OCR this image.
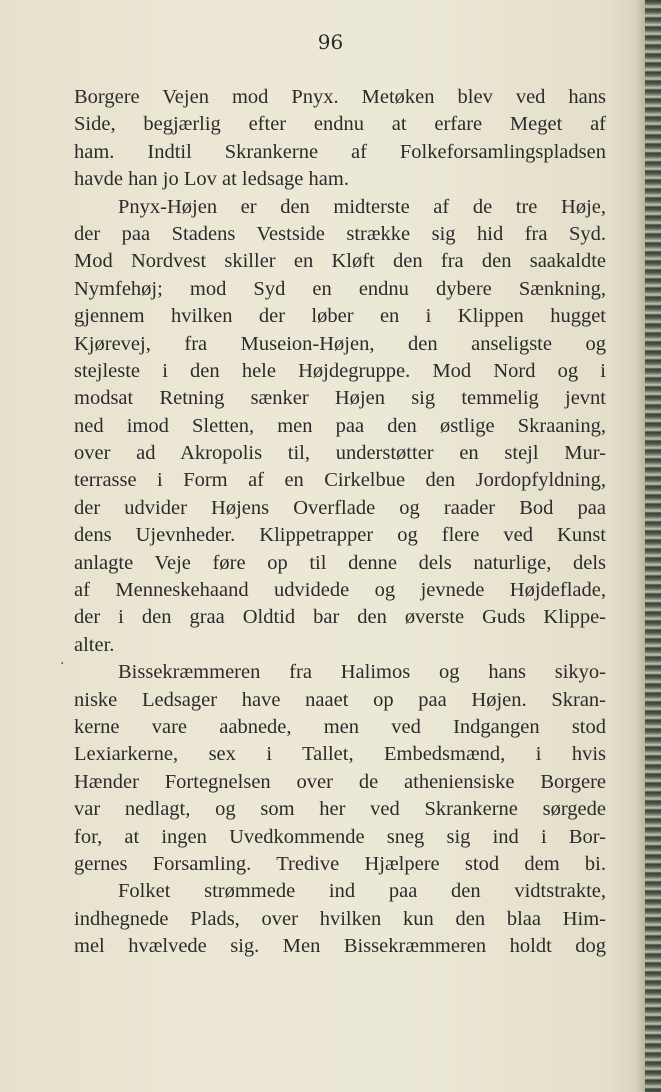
96
.
Borgere Vejen mod Pnyx. Metøken blev ved hans
Side, begjærlig efter endnu at erfare Meget af
ham. Indtil Skrankerne af Folkeforsamlingspladsen
havde han jo Lov at ledsage ham.
Pnyx-Højen er den midterste af de tre Høje,
der paa Stadens Vestside strække sig hid fra Syd.
Mod Nordvest skiller en Kløft den fra den saakaldte
Nymfehøj; mod Syd en endnu dybere Sænkning,
gjennem hvilken der løber en i Klippen hugget
Kjørevej, fra Museion-Højen, den anseligste og
stejleste i den hele Højdegruppe. Mod Nord og i
modsat Retning sænker Højen sig temmelig jevnt
ned imod Sletten, men paa den østlige Skraaning,
over ad Akropolis til, understøtter en stejl Mur-
terrasse i Form af en Cirkelbue den Jordopfyldning,
der udvider Højens Overflade og raader Bod paa
dens Ujevnheder. Klippetrapper og flere ved Kunst
anlagte Veje føre op til denne dels naturlige, dels
af Menneskehaand udvidede og jevnede Højdeflade,
der i den graa Oldtid bar den øverste Guds Klippe-
alter.
Bissekræmmeren fra Halimos og hans sikyo-
niske Ledsager have naaet op paa Højen. Skran-
kerne vare aabnede, men ved Indgangen stod
Lexiarkerne, sex i Tallet, Embedsmænd, i hvis
Hænder Fortegnelsen over de atheniensiske Borgere
var nedlagt, og som her ved Skrankerne sørgede
for, at ingen Uvedkommende sneg sig ind i Bor-
gernes Forsamling. Tredive Hjælpere stod dem bi.
Folket strømmede ind paa den vidtstrakte,
indhegnede Plads, over hvilken kun den blaa Him-
mel hvælvede sig. Men Bissekræmmeren holdt dog
